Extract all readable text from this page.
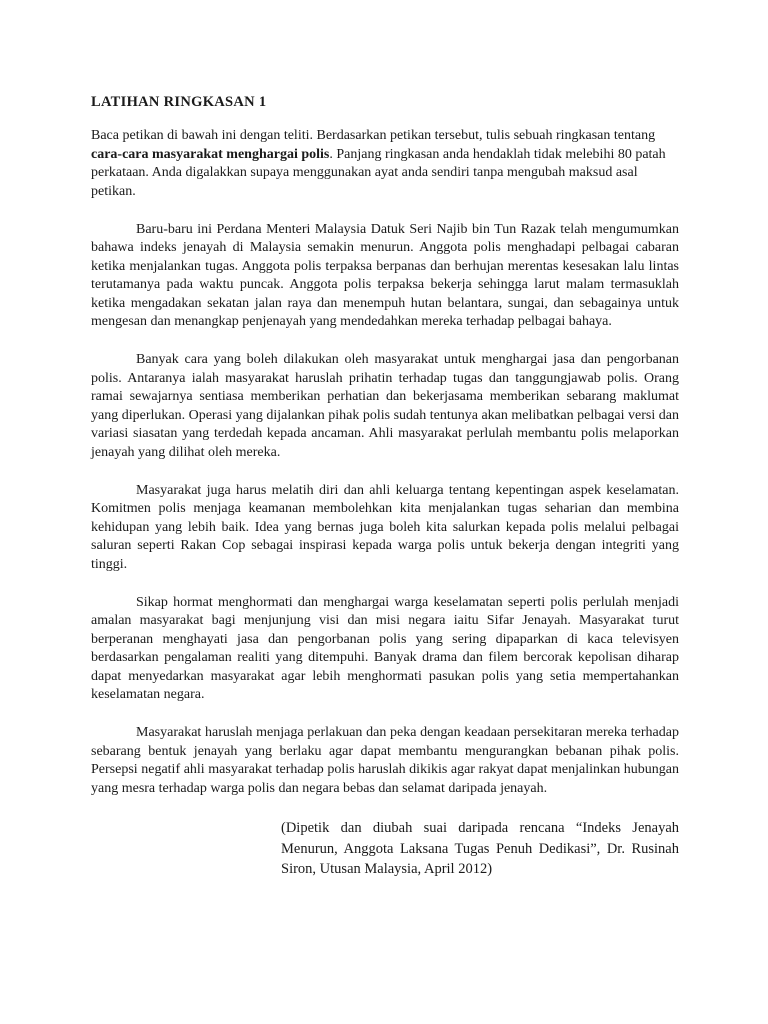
LATIHAN RINGKASAN 1
Baca petikan di bawah ini dengan teliti. Berdasarkan petikan tersebut, tulis sebuah ringkasan tentang cara-cara masyarakat menghargai polis. Panjang ringkasan anda hendaklah tidak melebihi 80 patah perkataan. Anda digalakkan supaya menggunakan ayat anda sendiri tanpa mengubah maksud asal petikan.

Baru-baru ini Perdana Menteri Malaysia Datuk Seri Najib bin Tun Razak telah mengumumkan bahawa indeks jenayah di Malaysia semakin menurun. Anggota polis menghadapi pelbagai cabaran ketika menjalankan tugas. Anggota polis terpaksa berpanas dan berhujan merentas kesesakan lalu lintas terutamanya pada waktu puncak. Anggota polis terpaksa bekerja sehingga larut malam termasuklah ketika mengadakan sekatan jalan raya dan menempuh hutan belantara, sungai, dan sebagainya untuk mengesan dan menangkap penjenayah yang mendedahkan mereka terhadap pelbagai bahaya.

Banyak cara yang boleh dilakukan oleh masyarakat untuk menghargai jasa dan pengorbanan polis. Antaranya ialah masyarakat haruslah prihatin terhadap tugas dan tanggungjawab polis. Orang ramai sewajarnya sentiasa memberikan perhatian dan bekerjasama memberikan sebarang maklumat yang diperlukan. Operasi yang dijalankan pihak polis sudah tentunya akan melibatkan pelbagai versi dan variasi siasatan yang terdedah kepada ancaman. Ahli masyarakat perlulah membantu polis melaporkan jenayah yang dilihat oleh mereka.

Masyarakat juga harus melatih diri dan ahli keluarga tentang kepentingan aspek keselamatan. Komitmen polis menjaga keamanan membolehkan kita menjalankan tugas seharian dan membina kehidupan yang lebih baik. Idea yang bernas juga boleh kita salurkan kepada polis melalui pelbagai saluran seperti Rakan Cop sebagai inspirasi kepada warga polis untuk bekerja dengan integriti yang tinggi.

Sikap hormat menghormati dan menghargai warga keselamatan seperti polis perlulah menjadi amalan masyarakat bagi menjunjung visi dan misi negara iaitu Sifar Jenayah. Masyarakat turut berperanan menghayati jasa dan pengorbanan polis yang sering dipaparkan di kaca televisyen berdasarkan pengalaman realiti yang ditempuhi. Banyak drama dan filem bercorak kepolisan diharap dapat menyedarkan masyarakat agar lebih menghormati pasukan polis yang setia mempertahankan keselamatan negara.

Masyarakat haruslah menjaga perlakuan dan peka dengan keadaan persekitaran mereka terhadap sebarang bentuk jenayah yang berlaku agar dapat membantu mengurangkan bebanan pihak polis. Persepsi negatif ahli masyarakat terhadap polis haruslah dikikis agar rakyat dapat menjalinkan hubungan yang mesra terhadap warga polis dan negara bebas dan selamat daripada jenayah.

(Dipetik dan diubah suai daripada rencana “Indeks Jenayah Menurun, Anggota Laksana Tugas Penuh Dedikasi”, Dr. Rusinah Siron, Utusan Malaysia, April 2012)
